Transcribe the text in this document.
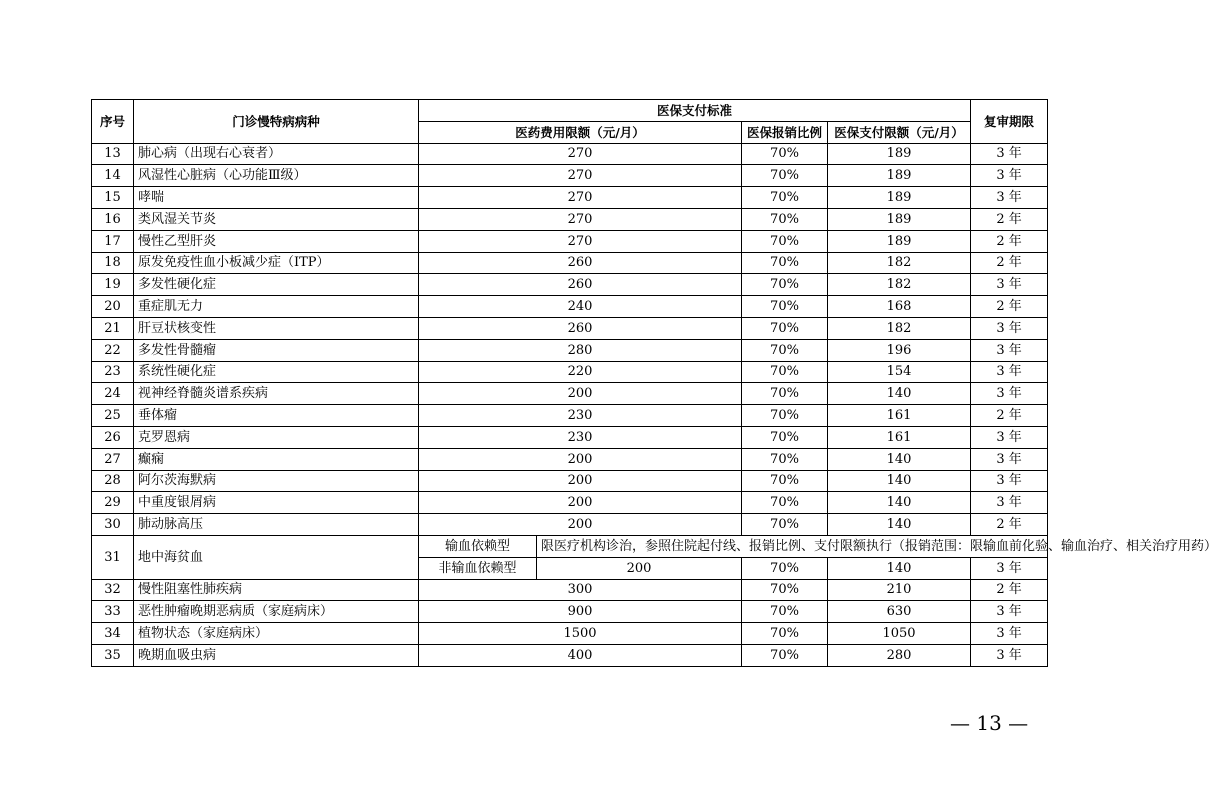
序号	门诊慢特病病种	医保支付标准				复审期限
		医药费用限额（元/月）		医保报销比例	医保支付限额（元/月）	
13	肺心病（出现右心衰者）	270		70%	189	3 年
14	风湿性心脏病（心功能Ⅲ级）	270		70%	189	3 年
15	哮喘	270		70%	189	3 年
16	类风湿关节炎	270		70%	189	2 年
17	慢性乙型肝炎	270		70%	189	2 年
18	原发免疫性血小板减少症（ITP）	260		70%	182	2 年
19	多发性硬化症	260		70%	182	3 年
20	重症肌无力	240		70%	168	2 年
21	肝豆状核变性	260		70%	182	3 年
22	多发性骨髓瘤	280		70%	196	3 年
23	系统性硬化症	220		70%	154	3 年
24	视神经脊髓炎谱系疾病	200		70%	140	3 年
25	垂体瘤	230		70%	161	2 年
26	克罗恩病	230		70%	161	3 年
27	癫痫	200		70%	140	3 年
28	阿尔茨海默病	200		70%	140	3 年
29	中重度银屑病	200		70%	140	3 年
30	肺动脉高压	200		70%	140	2 年
31	地中海贫血	输血依赖型	限医疗机构诊治，参照住院起付线、报销比例、支付限额执行（报销范围：限输血前化验、输血治疗、相关治疗用药）			
		非输血依赖型	200	70%	140	3 年
32	慢性阻塞性肺疾病	300		70%	210	2 年
33	恶性肿瘤晚期恶病质（家庭病床）	900		70%	630	3 年
34	植物状态（家庭病床）	1500		70%	1050	3 年
35	晚期血吸虫病	400		70%	280	3 年
— 13 —
